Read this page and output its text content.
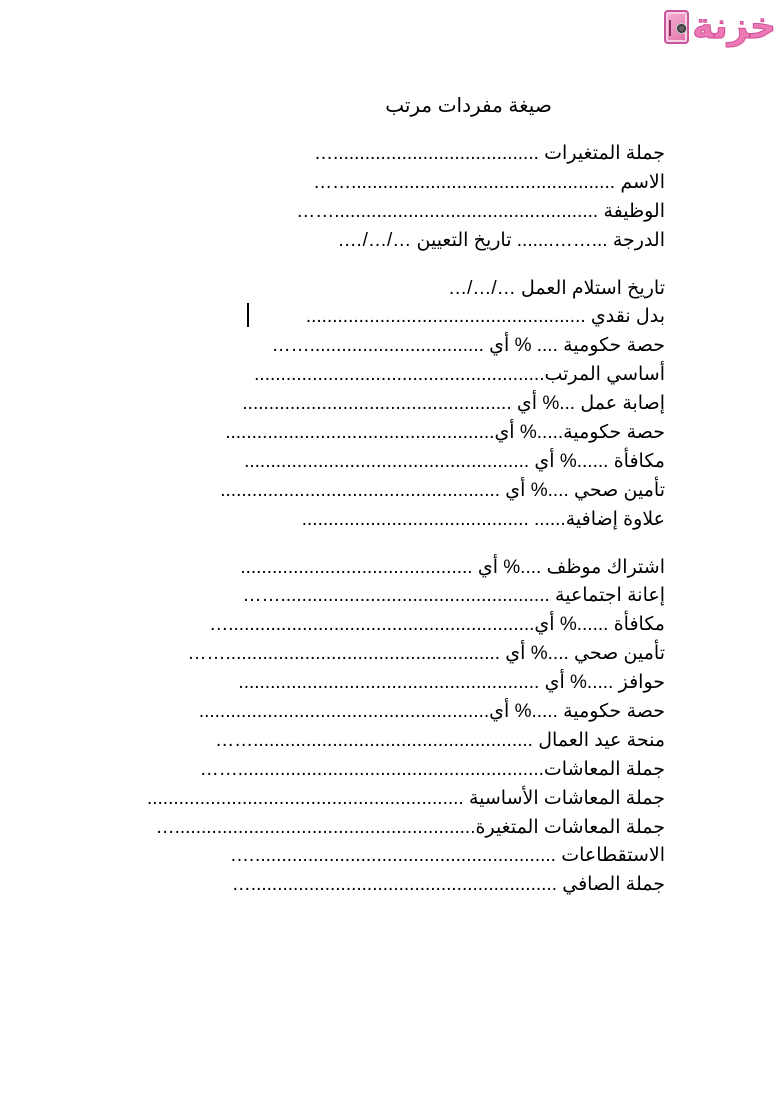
خزنة
صيغة مفردات مرتب
جملة المتغيرات .......................................…
الاسم ..................................................……
الوظيفة ..................................................……
الدرجة ...……....... تاريخ التعيين …/…/….
تاريخ استلام العمل …/…/…
بدل نقدي .....................................................
حصة حكومية .... % أي .................................……
أساسي المرتب.......................................................
إصابة عمل ...% أي ...................................................
حصة حكومية.....% أي...................................................
مكافأة ......% أي ......................................................
تأمين صحي ....% أي .....................................................
علاوة إضافية...... ...........................................
اشتراك موظف ....% أي ............................................
إعانة اجتماعية ...................................................……
مكافأة ......% أي..........................................................…
تأمين صحي ....% أي ....................................................……
حوافز .....% أي .........................................................
حصة حكومية .....% أي.......................................................
منحة عيد العمال .....................................................……
جملة المعاشات..........................................................……
جملة المعاشات الأساسية ............................................................
جملة المعاشات المتغيرة.........................................................…
الاستقطاعات .........................................................….
جملة الصافي ..........................................................…
